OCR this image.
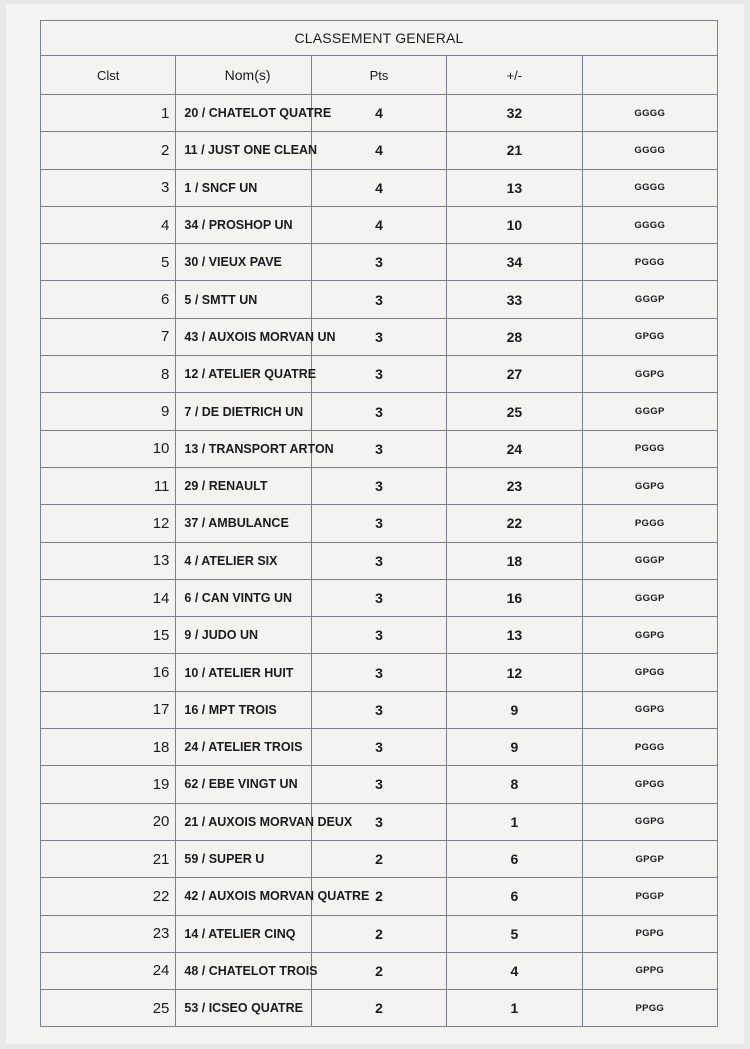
CLASSEMENT GENERAL				
Clst	Nom(s)	Pts	+/-	
1	20 / CHATELOT QUATRE	4	32	GGGG
2	11 / JUST ONE CLEAN	4	21	GGGG
3	1 / SNCF UN	4	13	GGGG
4	34 / PROSHOP UN	4	10	GGGG
5	30 / VIEUX PAVE	3	34	PGGG
6	5 / SMTT UN	3	33	GGGP
7	43 / AUXOIS MORVAN UN	3	28	GPGG
8	12 / ATELIER QUATRE	3	27	GGPG
9	7 / DE DIETRICH UN	3	25	GGGP
10	13 / TRANSPORT ARTON	3	24	PGGG
11	29 / RENAULT	3	23	GGPG
12	37 / AMBULANCE	3	22	PGGG
13	4 / ATELIER SIX	3	18	GGGP
14	6 / CAN VINTG UN	3	16	GGGP
15	9 / JUDO UN	3	13	GGPG
16	10 / ATELIER HUIT	3	12	GPGG
17	16 / MPT TROIS	3	9	GGPG
18	24 / ATELIER TROIS	3	9	PGGG
19	62 / EBE VINGT UN	3	8	GPGG
20	21 / AUXOIS MORVAN DEUX	3	1	GGPG
21	59 / SUPER U	2	6	GPGP
22	42 / AUXOIS MORVAN QUATRE	2	6	PGGP
23	14 / ATELIER CINQ	2	5	PGPG
24	48 / CHATELOT TROIS	2	4	GPPG
25	53 / ICSEO QUATRE	2	1	PPGG
